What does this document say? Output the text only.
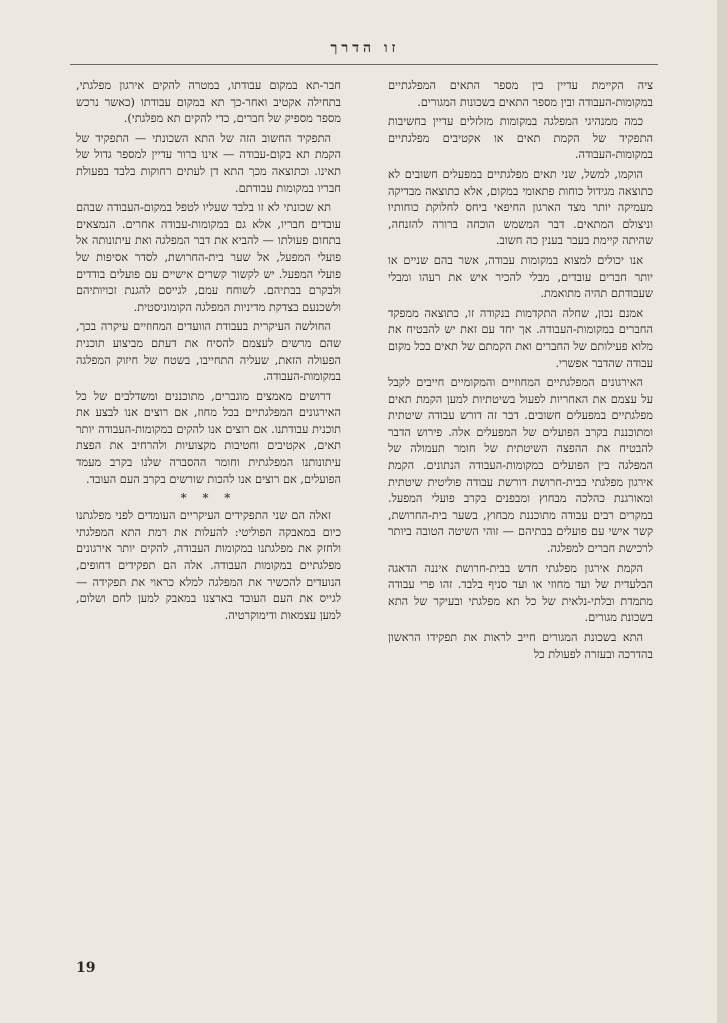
זו הדרך

ציה הקיימת עדיין בין מספר התאים המפלגתיים במקומות-העבודה ובין מספר התאים בשכונות המגורים.

כמה ממנהיגי המפלגה במקומות מזלזלים עדיין בחשיבות התפקיד של הקמת תאים או אקטיבים מפלגתיים במקומות-העבודה.

הוקמו, למשל, שני תאים מפלגתיים במפעלים חשובים לא כתוצאה מגידול כוחות פתאומי במקום, אלא כתוצאה מבדיקה מעמיקה יותר מצד הארגון החיפאי ביחס לחלוקת כוחותיו וניצולם המתאים. דבר המשמש הוכחה ברורה להזנחה, שהיתה קיימת בעבר בענין כה חשוב.

אנו יכולים למצוא במקומות עבודה, אשר בהם שניים או יותר חברים עובדים, מבלי להכיר איש את רעהו ומבלי שעבודתם תהיה מתואמת.

אמנם נכון, שחלה התקדמות בנקודה זו, כתוצאה ממפקד החברים במקומות-העבודה. אך יחד עם זאת יש להבטיח את מלוא פעילותם של החברים ואת הקמתם של תאים בכל מקום עבודה שהדבר אפשרי.

האירגונים המפלגתיים המחוזיים והמקומיים חייבים לקבל על עצמם את האחריות לפעול בשיטתיות למען הקמת תאים מפלגתיים במפעלים חשובים. דבר זה דורש עבודה שיטתית ומתוכננת בקרב הפועלים של המפעלים אלה. פירוש הדבר להבטיח את ההפצה השיטתית של חומר תעמולה של המפלגה בין הפועלים במקומות-העבודה הנתונים. הקמת אירגון מפלגתי בבית-חרושת דורשת עבודה פוליטית שיטתית ומאורגנת כהלכה מבחוץ ומבפנים בקרב פועלי המפעל. במקרים רבים עבודה מתוכננת מבחוץ, בשער בית-החרושת, קשר אישי עם פועלים בבתיהם — זוהי השיטה הטובה ביותר לרכישת חברים למפלגה.

הקמת אירגון מפלגתי חדש בבית-חרושת איננה הדאגה הבלעדית של ועד מחוזי או ועד סניף בלבד. זהו פרי עבודה מתמדת ובלתי-נלאית של כל תא מפלגתי ובעיקר של התא בשכונת מגורים.

התא בשכונת המגורים חייב לראות את תפקידו הראשון בהדרכה ובעזרה לפעולת כל

חבר-תא במקום עבודתו, במטרה להקים אירגון מפלגתי, בתחילה אקטיב ואחר-כך תא במקום עבודתו (כאשר נרכש מספר מספיק של חברים, כדי להקים תא מפלגתי).

התפקיד החשוב הזה של התא השכונתי — התפקיד של הקמת תא בקום-עבודה — אינו ברור עדיין למספר גדול של תאינו. וכתוצאה מכך התא דן לעתים רחוקות בלבד בפעולת חבריו במקומות עבודתם.

תא שכונתי לא זו בלבד שעליו לטפל במקום-העבודה שבהם עובדים חבריו, אלא גם במקומות-עבודה אחרים. הנמצאים בתחום פעולתו — להביא את דבר המפלגה ואת עיתונותה אל פועלי המפעל, אל שער בית-החרושת, לסדר אסיפות של פועלי המפעל. יש לקשור קשרים אישיים עם פועלים בודדים ולבקרם בבתיהם. לשוחח עמם, לגייסם להגנת זכויותיהם ולשכנעם בצדקת מדיניות המפלגה הקומוניסטית.

החולשה העיקרית בעבודת הוועדים המחוזיים עיקרה בכך, שהם מרשים לעצמם להסיח את דעתם מביצוע תוכנית הפעולה הזאת, שעליה התחייבו, בשטח של חיזוק המפלגה במקומות-העבודה.

דרושים מאמצים מוגברים, מתוכננים ומשדלבים של כל האירגונים המפלגתיים בכל מחוז, אם רוצים אנו לבצע את תוכנית עבודתנו. אם רוצים אנו להקים במקומות-העבודה יותר תאים, אקטיבים וחטיבות מקצועיות ולהרחיב את הפצת עיתונותנו המפלגתית וחומר ההסברה שלנו בקרב מעמד הפועלים, אם רוצים אנו להכות שורשים בקרב העם העובד.

* * *

זאלה הם שני התפקידים העיקריים העומדים לפני מפלגתנו כיום במאבקה הפוליטי: להעלות את רמת התא המפלגתי ולחזק את מפלגתנו במקומות העבודה, להקים יותר אירגונים מפלגתיים במקומות העבודה. אלה הם תפקידים דחופים, הנועדים להכשיר את המפלגה למלא כראוי את תפקידה — לגייס את העם העובד בארצנו במאבק למען לחם ושלום, למען עצמאות ודימוקרטיה.

19
